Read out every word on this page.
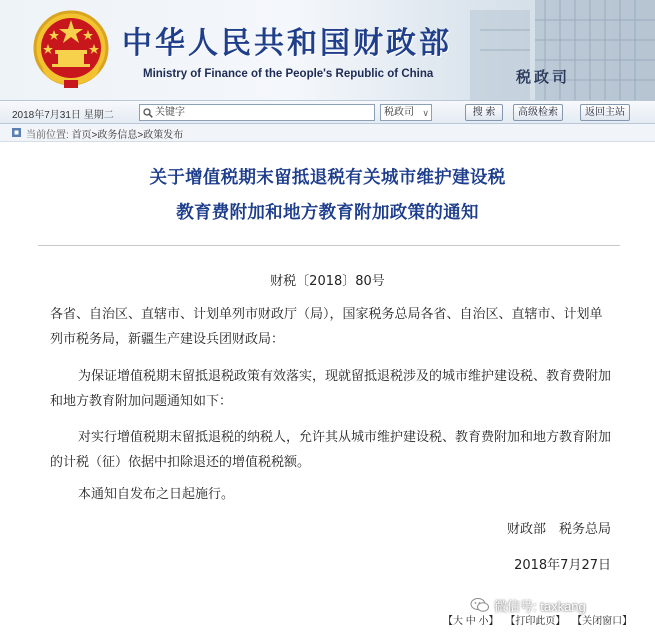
中华人民共和国财政部
Ministry of Finance of the People's Republic of China	税政司
2018年7月31日 星期二	关键字	税政司 ∨	搜 索	高级检索	返回主站
当前位置: 首页>政务信息>政策发布
关于增值税期末留抵退税有关城市维护建设税
教育费附加和地方教育附加政策的通知
财税〔2018〕80号
各省、自治区、直辖市、计划单列市财政厅（局），国家税务总局各省、自治区、直辖市、计划单列市税务局，新疆生产建设兵团财政局：
为保证增值税期末留抵退税政策有效落实，现就留抵退税涉及的城市维护建设税、教育费附加和地方教育附加问题通知如下：
对实行增值税期末留抵退税的纳税人，允许其从城市维护建设税、教育费附加和地方教育附加的计税（征）依据中扣除退还的增值税税额。
本通知自发布之日起施行。
财政部　税务总局
2018年7月27日
【大 中 小】 【打印此页】 【关闭窗口】
微信号: taxkang
